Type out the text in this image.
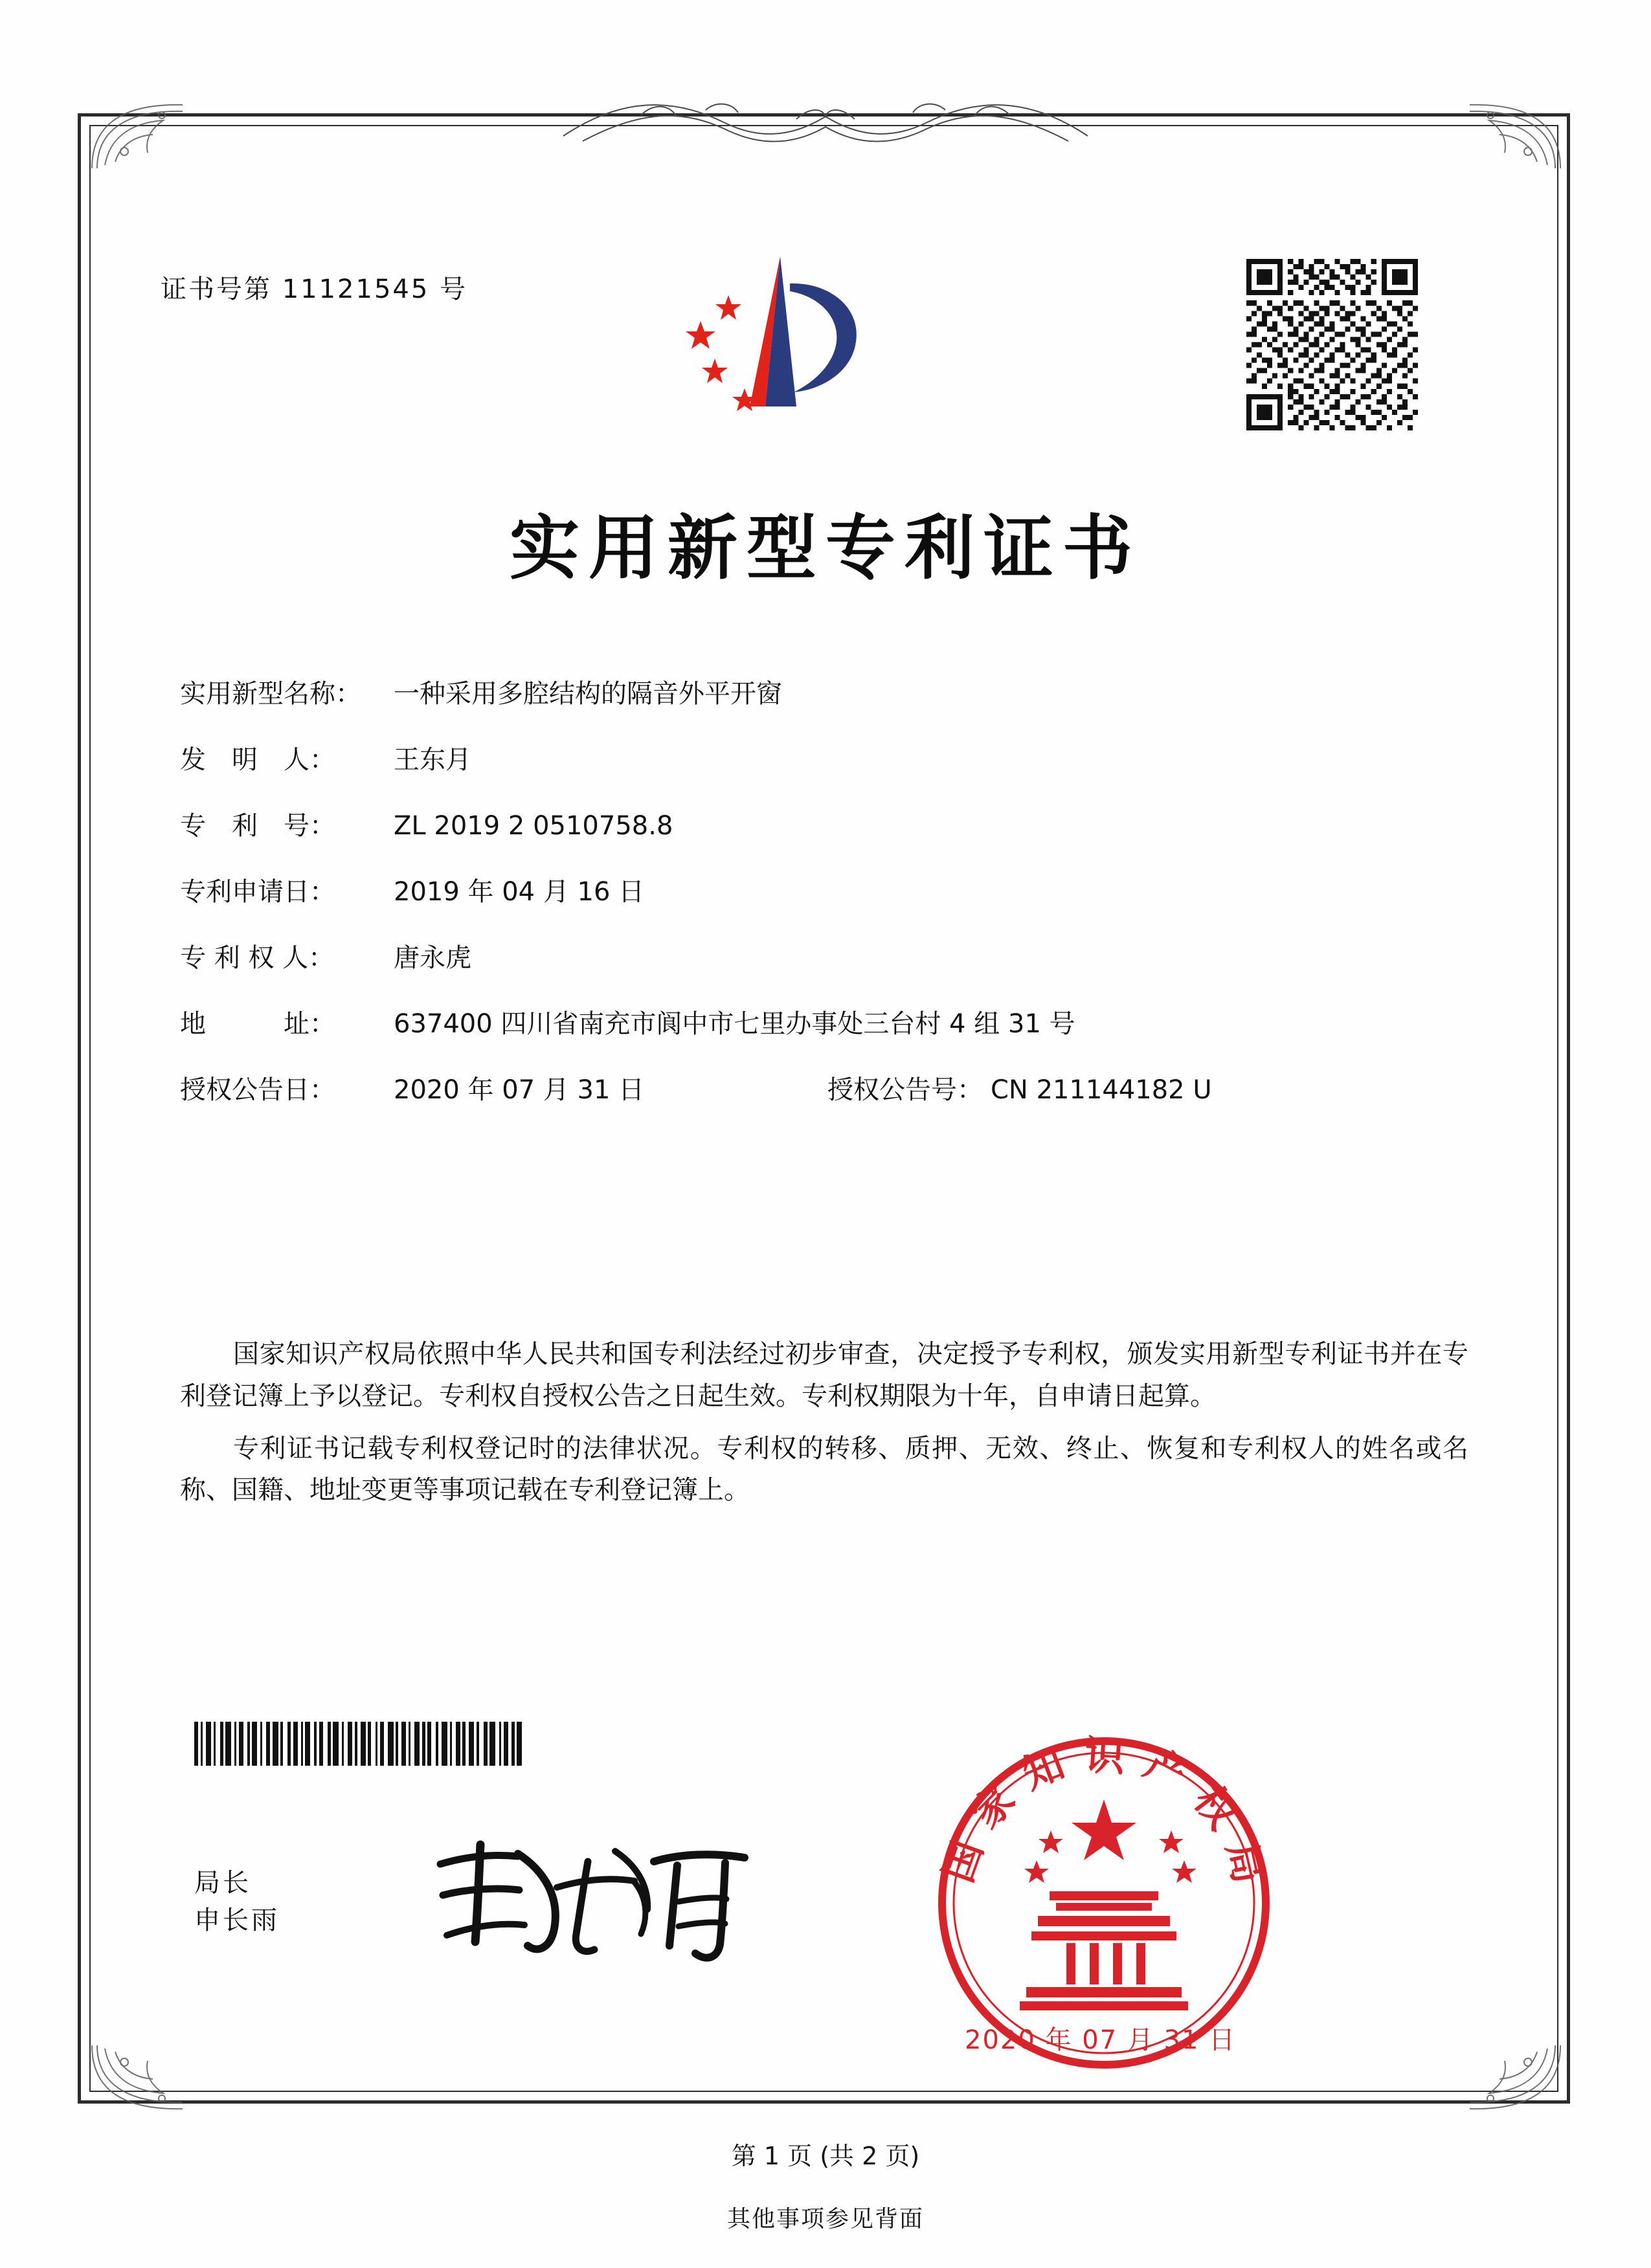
证书号第 11121545 号
实用新型专利证书
实用新型名称：	一种采用多腔结构的隔音外平开窗
发　明　人：	王东月
专　利　号：	ZL 2019 2 0510758.8
专利申请日：	2019 年 04 月 16 日
专 利 权 人：	唐永虎
地　　　址：	637400 四川省南充市阆中市七里办事处三台村 4 组 31 号
授权公告日：	2020 年 07 月 31 日	授权公告号： CN 211144182 U

国家知识产权局依照中华人民共和国专利法经过初步审查，决定授予专利权，颁发实用新型专利证书并在专利登记簿上予以登记。专利权自授权公告之日起生效。专利权期限为十年，自申请日起算。

专利证书记载专利权登记时的法律状况。专利权的转移、质押、无效、终止、恢复和专利权人的姓名或名称、国籍、地址变更等事项记载在专利登记簿上。

局长
申长雨
国家知识产权局
2020 年 07 月 31 日
第 1 页 (共 2 页)
其他事项参见背面
